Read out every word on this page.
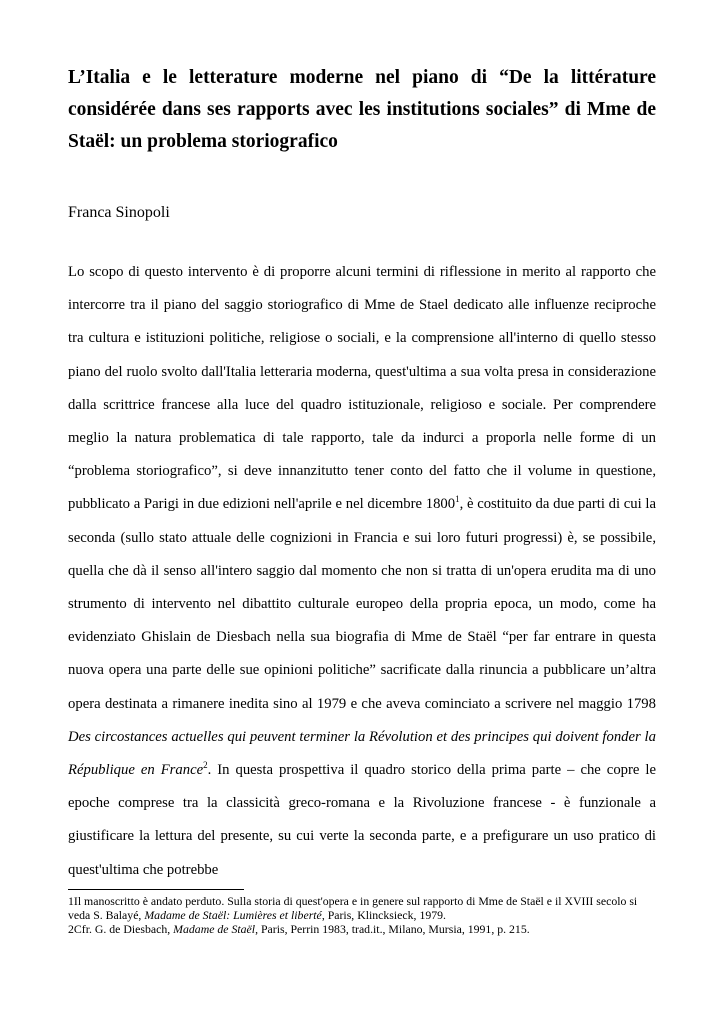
L’Italia e le letterature moderne nel piano di “De la littérature considérée dans ses rapports avec les institutions sociales” di Mme de Staël: un problema storiografico

Franca Sinopoli

Lo scopo di questo intervento è di proporre alcuni termini di riflessione in merito al rapporto che intercorre tra il piano del saggio storiografico di Mme de Stael dedicato alle influenze reciproche tra cultura e istituzioni politiche, religiose o sociali, e la comprensione all'interno di quello stesso piano del ruolo svolto dall'Italia letteraria moderna, quest'ultima a sua volta presa in considerazione dalla scrittrice francese alla luce del quadro istituzionale, religioso e sociale. Per comprendere meglio la natura problematica di tale rapporto, tale da indurci a proporla nelle forme di un “problema storiografico”, si deve innanzitutto tener conto del fatto che il volume in questione, pubblicato a Parigi in due edizioni nell'aprile e nel dicembre 1800$^1$, è costituito da due parti di cui la seconda (sullo stato attuale delle cognizioni in Francia e sui loro futuri progressi) è, se possibile, quella che dà il senso all'intero saggio dal momento che non si tratta di un'opera erudita ma di uno strumento di intervento nel dibattito culturale europeo della propria epoca, un modo, come ha evidenziato Ghislain de Diesbach nella sua biografia di Mme de Staël “per far entrare in questa nuova opera una parte delle sue opinioni politiche” sacrificate dalla rinuncia a pubblicare un’altra opera destinata a rimanere inedita sino al 1979 e che aveva cominciato a scrivere nel maggio 1798 Des circostances actuelles qui peuvent terminer la Révolution et des principes qui doivent fonder la République en France$^2$. In questa prospettiva il quadro storico della prima parte – che copre le epoche comprese tra la classicità greco-romana e la Rivoluzione francese - è funzionale a giustificare la lettura del presente, su cui verte la seconda parte, e a prefigurare un uso pratico di quest'ultima che potrebbe

1Il manoscritto è andato perduto. Sulla storia di quest'opera e in genere sul rapporto di Mme de Staël e il XVIII secolo si veda S. Balayé, Madame de Staël: Lumières et liberté, Paris, Klincksieck, 1979.

2Cfr. G. de Diesbach, Madame de Staël, Paris, Perrin 1983, trad.it., Milano, Mursia, 1991, p. 215.
